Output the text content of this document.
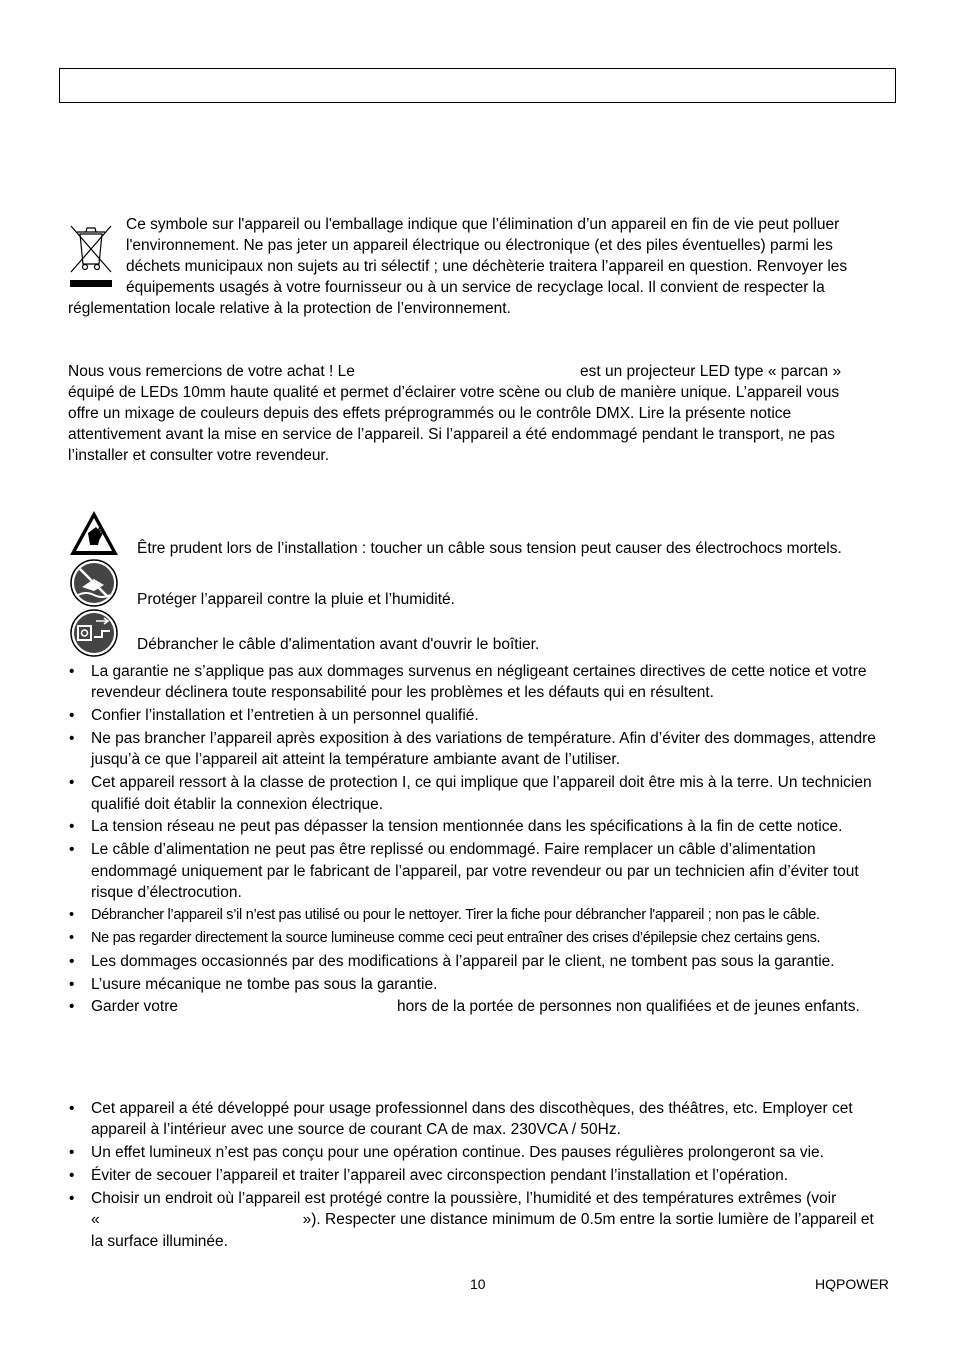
Ce symbole sur l'appareil ou l'emballage indique que l’élimination d’un appareil en fin de vie peut polluer

l'environnement. Ne pas jeter un appareil électrique ou électronique (et des piles éventuelles) parmi les

déchets municipaux non sujets au tri sélectif ; une déchèterie traitera l’appareil en question. Renvoyer les

équipements usagés à votre fournisseur ou à un service de recyclage local. Il convient de respecter la

réglementation locale relative à la protection de l’environnement.

Nous vous remercions de votre achat ! Le	est un projecteur LED type « parcan »

équipé de LEDs 10mm haute qualité et permet d’éclairer votre scène ou club de manière unique. L’appareil vous

offre un mixage de couleurs depuis des effets préprogrammés ou le contrôle DMX. Lire la présente notice

attentivement avant la mise en service de l’appareil. Si l’appareil a été endommagé pendant le transport, ne pas

l’installer et consulter votre revendeur.

Être prudent lors de l’installation : toucher un câble sous tension peut causer des électrochocs mortels.

Protéger l’appareil contre la pluie et l’humidité.

Débrancher le câble d'alimentation avant d'ouvrir le boîtier.

• La garantie ne s’applique pas aux dommages survenus en négligeant certaines directives de cette notice et votre revendeur déclinera toute responsabilité pour les problèmes et les défauts qui en résultent.
• Confier l’installation et l’entretien à un personnel qualifié.
• Ne pas brancher l’appareil après exposition à des variations de température. Afin d’éviter des dommages, attendre jusqu’à ce que l’appareil ait atteint la température ambiante avant de l’utiliser.
• Cet appareil ressort à la classe de protection I, ce qui implique que l’appareil doit être mis à la terre. Un technicien qualifié doit établir la connexion électrique.
• La tension réseau ne peut pas dépasser la tension mentionnée dans les spécifications à la fin de cette notice.
• Le câble d’alimentation ne peut pas être replissé ou endommagé. Faire remplacer un câble d’alimentation endommagé uniquement par le fabricant de l’appareil, par votre revendeur ou par un technicien afin d’éviter tout risque d’électrocution.
• Débrancher l’appareil s’il n’est pas utilisé ou pour le nettoyer. Tirer la fiche pour débrancher l'appareil ; non pas le câble.
• Ne pas regarder directement la source lumineuse comme ceci peut entraîner des crises d’épilepsie chez certains gens.
• Les dommages occasionnés par des modifications à l’appareil par le client, ne tombent pas sous la garantie.
• L’usure mécanique ne tombe pas sous la garantie.
• Garder votre	hors de la portée de personnes non qualifiées et de jeunes enfants.
• Cet appareil a été développé pour usage professionnel dans des discothèques, des théâtres, etc. Employer cet appareil à l’intérieur avec une source de courant CA de max. 230VCA / 50Hz.
• Un effet lumineux n’est pas conçu pour une opération continue. Des pauses régulières prolongeront sa vie.
• Éviter de secouer l’appareil et traiter l’appareil avec circonspection pendant l’installation et l’opération.
• Choisir un endroit où l’appareil est protégé contre la poussière, l’humidité et des températures extrêmes (voir
«	»). Respecter une distance minimum de 0.5m entre la sortie lumière de l’appareil et
la surface illuminée.
10	HQPOWER
